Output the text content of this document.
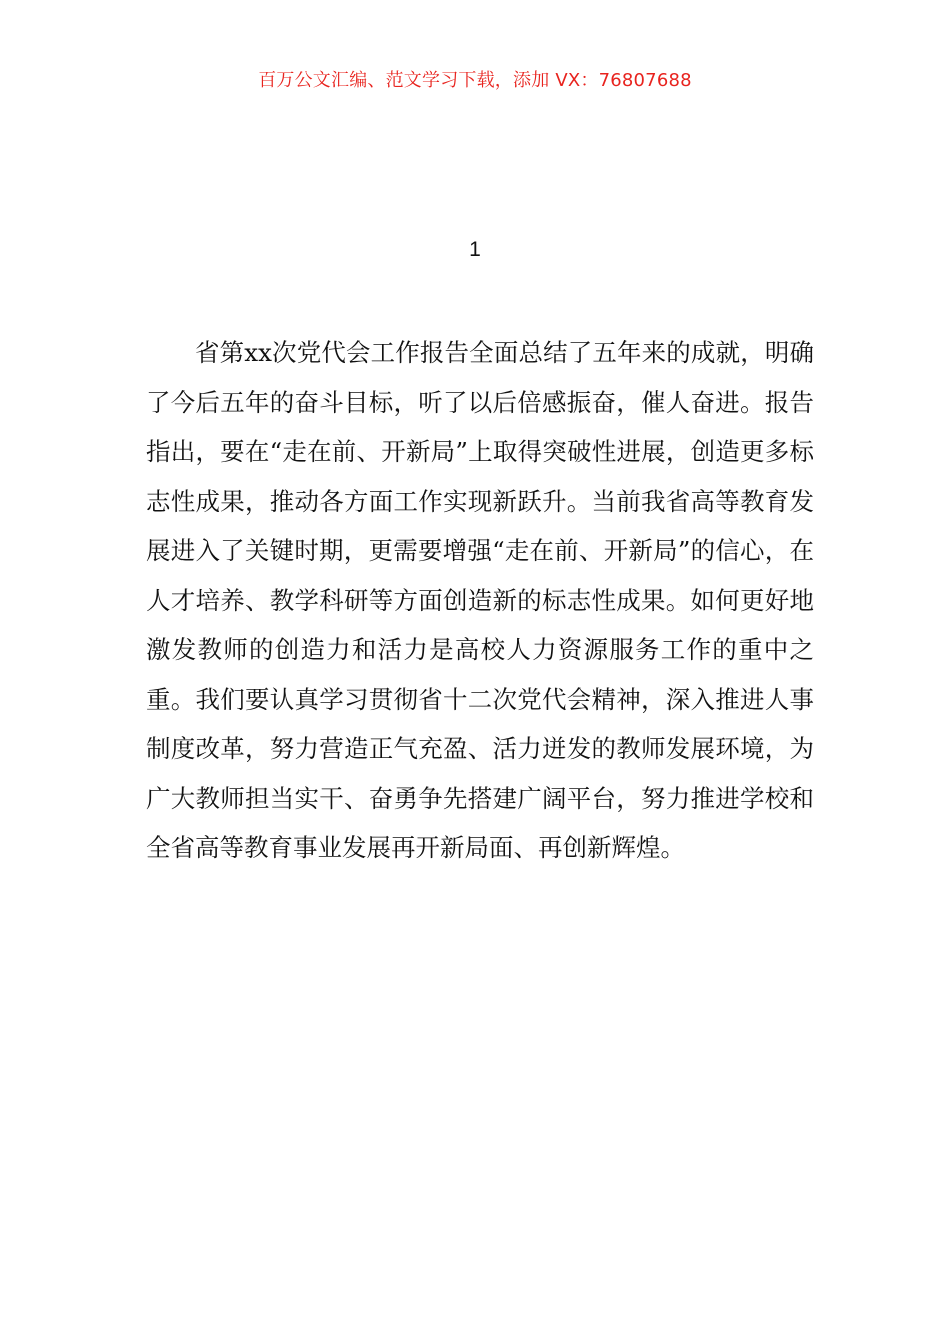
百万公文汇编、范文学习下载，添加 VX：76807688
1

省第xx次党代会工作报告全面总结了五年来的成就，明确了今后五年的奋斗目标，听了以后倍感振奋，催人奋进。报告指出，要在“走在前、开新局”上取得突破性进展，创造更多标志性成果，推动各方面工作实现新跃升。当前我省高等教育发展进入了关键时期，更需要增强“走在前、开新局”的信心，在人才培养、教学科研等方面创造新的标志性成果。如何更好地激发教师的创造力和活力是高校人力资源服务工作的重中之重。我们要认真学习贯彻省十二次党代会精神，深入推进人事制度改革，努力营造正气充盈、活力迸发的教师发展环境，为广大教师担当实干、奋勇争先搭建广阔平台，努力推进学校和全省高等教育事业发展再开新局面、再创新辉煌。
